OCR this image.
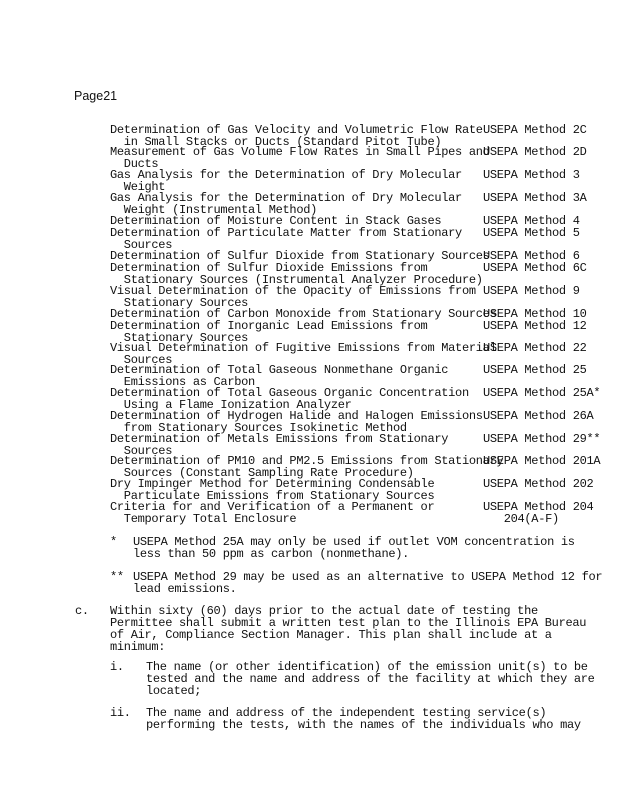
Page21
Determination of Gas Velocity and Volumetric Flow Rate
in Small Stacks or Ducts (Standard Pitot Tube)
USEPA Method 2C
Measurement of Gas Volume Flow Rates in Small Pipes and
Ducts
USEPA Method 2D
Gas Analysis for the Determination of Dry Molecular
Weight
USEPA Method 3
Gas Analysis for the Determination of Dry Molecular
Weight (Instrumental Method)
USEPA Method 3A
Determination of Moisture Content in Stack Gases	USEPA Method 4
Determination of Particulate Matter from Stationary
Sources
USEPA Method 5
Determination of Sulfur Dioxide from Stationary Sources
USEPA Method 6
Determination of Sulfur Dioxide Emissions from
Stationary Sources (Instrumental Analyzer Procedure)
USEPA Method 6C
Visual Determination of the Opacity of Emissions from
Stationary Sources
USEPA Method 9
Determination of Carbon Monoxide from Stationary Sources
USEPA Method 10
Determination of Inorganic Lead Emissions from
Stationary Sources
USEPA Method 12
Visual Determination of Fugitive Emissions from Material
Sources
USEPA Method 22
Determination of Total Gaseous Nonmethane Organic
Emissions as Carbon
USEPA Method 25
Determination of Total Gaseous Organic Concentration
Using a Flame Ionization Analyzer
USEPA Method 25A*
Determination of Hydrogen Halide and Halogen Emissions
from Stationary Sources Isokinetic Method
USEPA Method 26A
Determination of Metals Emissions from Stationary
Sources
USEPA Method 29**
Determination of PM10 and PM2.5 Emissions from Stationary
Sources (Constant Sampling Rate Procedure)
USEPA Method 201A
Dry Impinger Method for Determining Condensable
Particulate Emissions from Stationary Sources
USEPA Method 202
Criteria for and Verification of a Permanent or
Temporary Total Enclosure
USEPA Method 204
204(A-F)
* USEPA Method 25A may only be used if outlet VOM concentration is
less than 50 ppm as carbon (nonmethane).
** USEPA Method 29 may be used as an alternative to USEPA Method 12 for
lead emissions.
c. Within sixty (60) days prior to the actual date of testing the
Permittee shall submit a written test plan to the Illinois EPA Bureau
of Air, Compliance Section Manager. This plan shall include at a
minimum:
i. The name (or other identification) of the emission unit(s) to be
tested and the name and address of the facility at which they are
located;
ii. The name and address of the independent testing service(s)
performing the tests, with the names of the individuals who may
